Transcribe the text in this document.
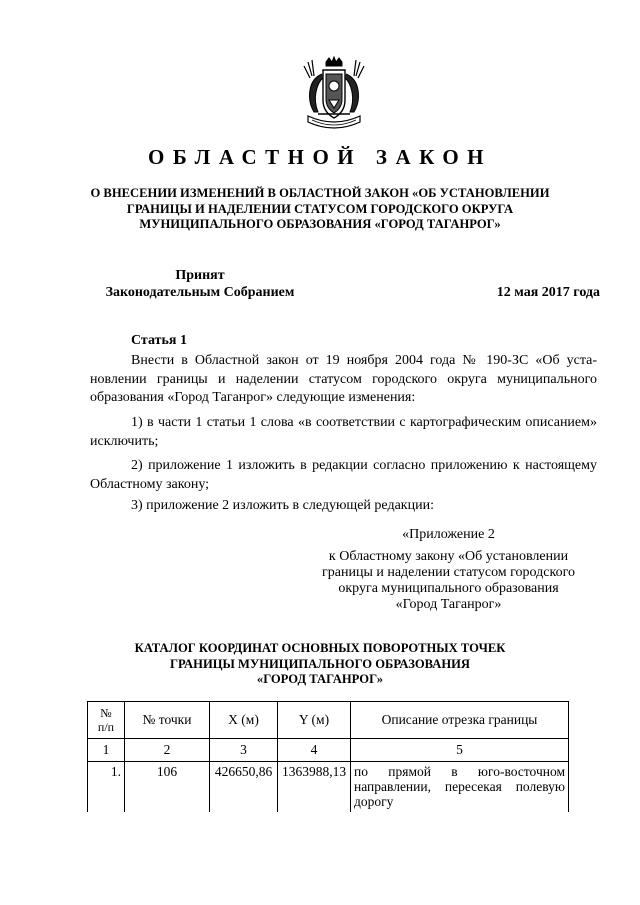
ОБЛАСТНОЙ ЗАКОН
О ВНЕСЕНИИ ИЗМЕНЕНИЙ В ОБЛАСТНОЙ ЗАКОН «ОБ УСТАНОВЛЕНИИ
ГРАНИЦЫ И НАДЕЛЕНИИ СТАТУСОМ ГОРОДСКОГО ОКРУГА
МУНИЦИПАЛЬНОГО ОБРАЗОВАНИЯ «ГОРОД ТАГАНРОГ»
Принят
Законодательным Собранием	12 мая 2017 года
Статья 1

Внести в Областной закон от 19 ноября 2004 года № 190-ЗС «Об установлении границы и наделении статусом городского округа муниципального образования «Город Таганрог» следующие изменения:

1) в части 1 статьи 1 слова «в соответствии с картографическим описанием» исключить;

2) приложение 1 изложить в редакции согласно приложению к настоящему Областному закону;

3) приложение 2 изложить в следующей редакции:

«Приложение 2
к Областному закону «Об установлении
границы и наделении статусом городского
округа муниципального образования
«Город Таганрог»
КАТАЛОГ КООРДИНАТ ОСНОВНЫХ ПОВОРОТНЫХ ТОЧЕК
ГРАНИЦЫ МУНИЦИПАЛЬНОГО ОБРАЗОВАНИЯ
«ГОРОД ТАГАНРОГ»
№
п/п	№ точки	X (м)	Y (м)	Описание отрезка границы
1	2	3	4	5
1.	106	426650,86	1363988,13	по прямой в юго-восточном направлении, пересекая полевую дорогу
